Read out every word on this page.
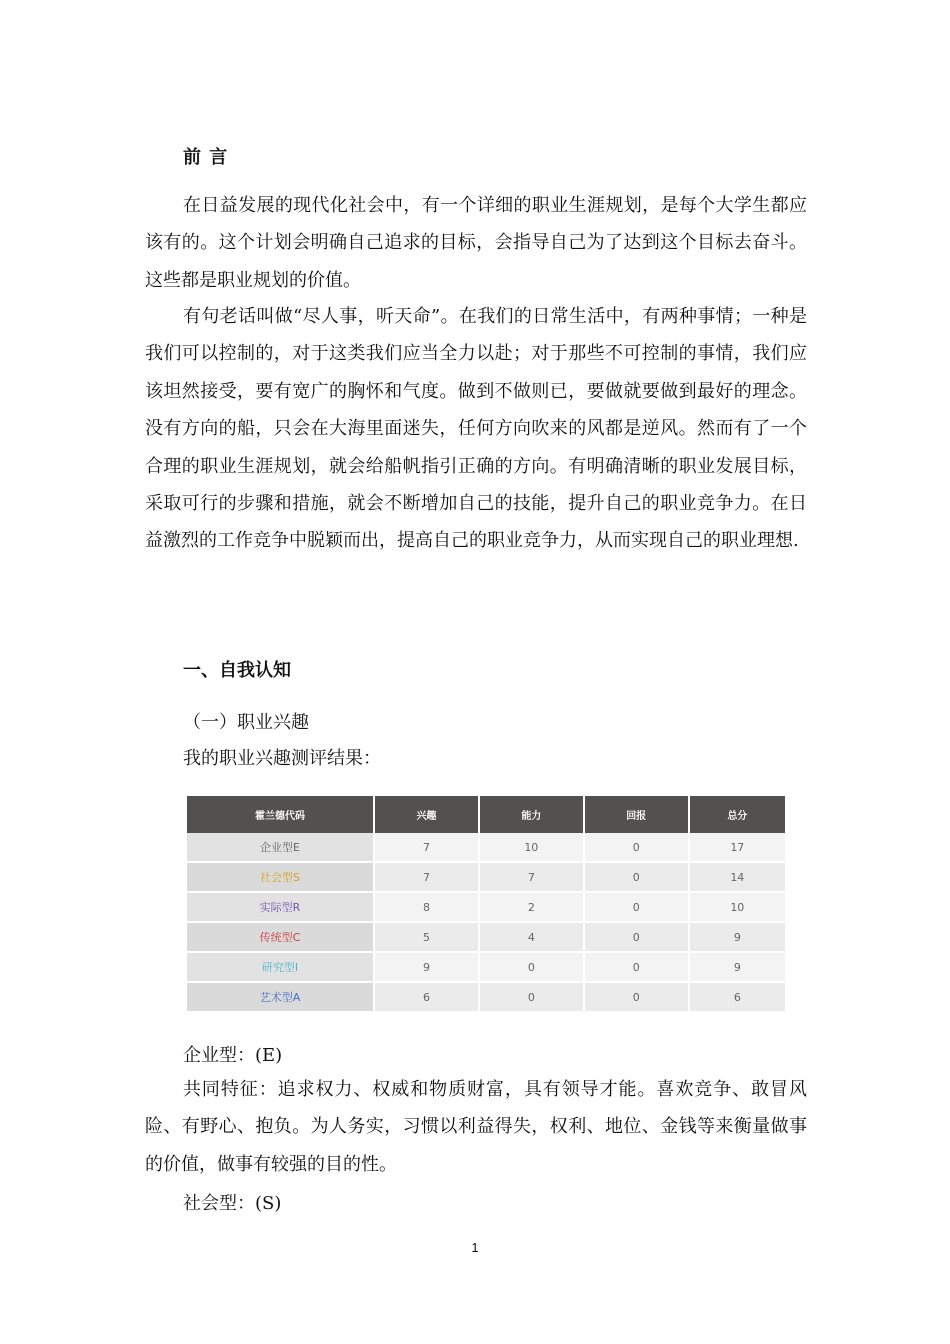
前 言

在日益发展的现代化社会中，有一个详细的职业生涯规划，是每个大学生都应该有的。这个计划会明确自己追求的目标，会指导自己为了达到这个目标去奋斗。这些都是职业规划的价值。

有句老话叫做“尽人事，听天命”。在我们的日常生活中，有两种事情；一种是我们可以控制的，对于这类我们应当全力以赴；对于那些不可控制的事情，我们应该坦然接受，要有宽广的胸怀和气度。做到不做则已，要做就要做到最好的理念。没有方向的船，只会在大海里面迷失，任何方向吹来的风都是逆风。然而有了一个合理的职业生涯规划，就会给船帆指引正确的方向。有明确清晰的职业发展目标，采取可行的步骤和措施，就会不断增加自己的技能，提升自己的职业竞争力。在日益激烈的工作竞争中脱颖而出，提高自己的职业竞争力，从而实现自己的职业理想.

一、自我认知
（一）职业兴趣
我的职业兴趣测评结果：
霍兰德代码	兴趣	能力	回报	总分
企业型E	7	10	0	17
社会型S	7	7	0	14
实际型R	8	2	0	10
传统型C	5	4	0	9
研究型I	9	0	0	9
艺术型A	6	0	0	6
企业型：(E)

共同特征：追求权力、权威和物质财富，具有领导才能。喜欢竞争、敢冒风险、有野心、抱负。为人务实，习惯以利益得失，权利、地位、金钱等来衡量做事的价值，做事有较强的目的性。

社会型：(S)
1
